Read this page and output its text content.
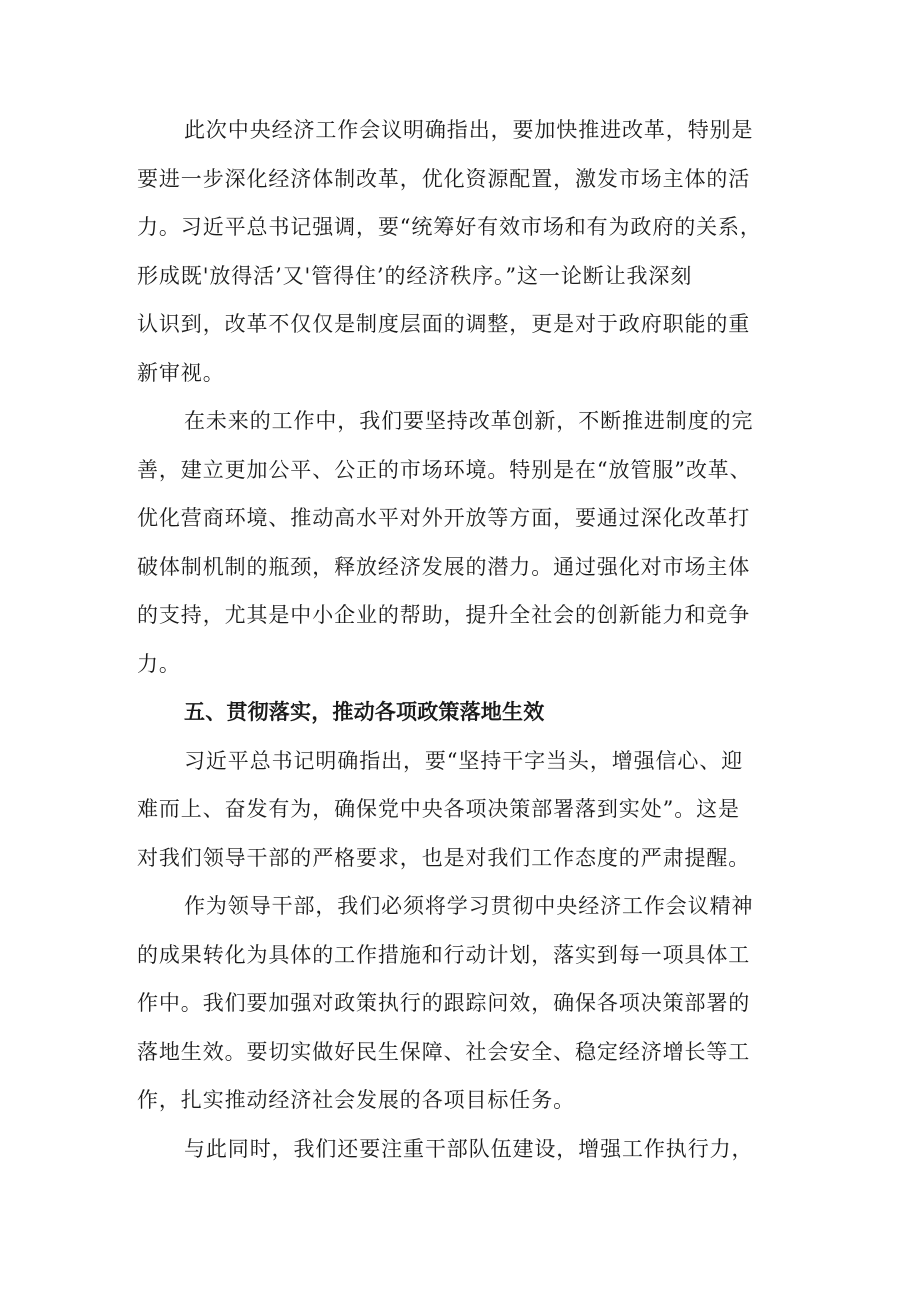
此次中央经济工作会议明确指出，要加快推进改革，特别是
要进一步深化经济体制改革，优化资源配置，激发市场主体的活
力。习近平总书记强调，要“统筹好有效市场和有为政府的关系，
形成既'放得活’又'管得住’的经济秩序。”这一论断让我深刻
认识到，改革不仅仅是制度层面的调整，更是对于政府职能的重
新审视。
在未来的工作中，我们要坚持改革创新，不断推进制度的完
善，建立更加公平、公正的市场环境。特别是在“放管服”改革、
优化营商环境、推动高水平对外开放等方面，要通过深化改革打
破体制机制的瓶颈，释放经济发展的潜力。通过强化对市场主体
的支持，尤其是中小企业的帮助，提升全社会的创新能力和竞争
力。
五、贯彻落实，推动各项政策落地生效
习近平总书记明确指出，要“坚持干字当头，增强信心、迎
难而上、奋发有为，确保党中央各项决策部署落到实处”。这是
对我们领导干部的严格要求，也是对我们工作态度的严肃提醒。
作为领导干部，我们必须将学习贯彻中央经济工作会议精神
的成果转化为具体的工作措施和行动计划，落实到每一项具体工
作中。我们要加强对政策执行的跟踪问效，确保各项决策部署的
落地生效。要切实做好民生保障、社会安全、稳定经济增长等工
作，扎实推动经济社会发展的各项目标任务。
与此同时，我们还要注重干部队伍建设，增强工作执行力，
